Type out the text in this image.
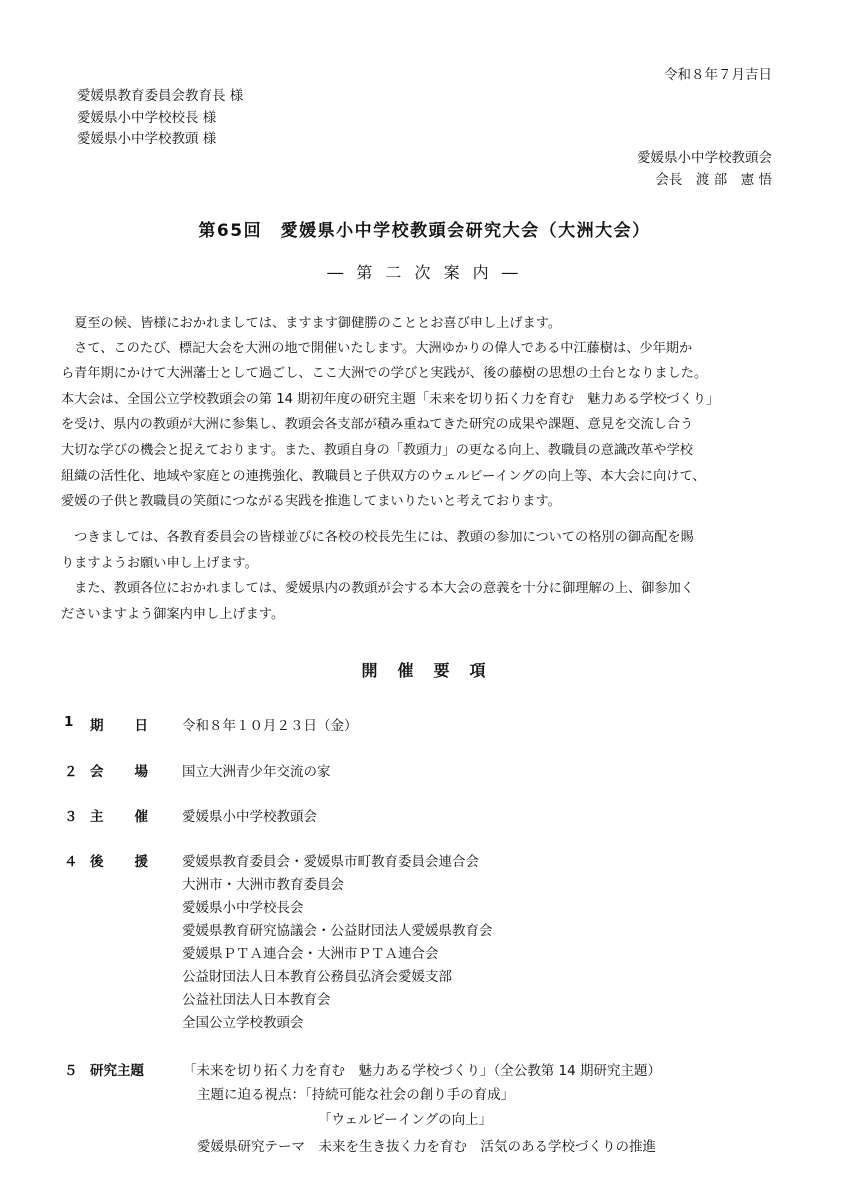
令和８年７月吉日
愛媛県教育委員会教育長 様
愛媛県小中学校校長 様
愛媛県小中学校教頭 様
愛媛県小中学校教頭会
会長　渡 部　憲 悟
第65回　愛媛県小中学校教頭会研究大会（大洲大会）
― 第 二 次 案 内 ―
　夏至の候、皆様におかれましては、ますます御健勝のこととお喜び申し上げます。
　さて、このたび、標記大会を大洲の地で開催いたします。大洲ゆかりの偉人である中江藤樹は、少年期か
ら青年期にかけて大洲藩士として過ごし、ここ大洲での学びと実践が、後の藤樹の思想の土台となりました。
本大会は、全国公立学校教頭会の第 14 期初年度の研究主題「未来を切り拓く力を育む　魅力ある学校づくり」
を受け、県内の教頭が大洲に参集し、教頭会各支部が積み重ねてきた研究の成果や課題、意見を交流し合う
大切な学びの機会と捉えております。また、教頭自身の「教頭力」の更なる向上、教職員の意識改革や学校
組織の活性化、地域や家庭との連携強化、教職員と子供双方のウェルビーイングの向上等、本大会に向けて、
愛媛の子供と教職員の笑顔につながる実践を推進してまいりたいと考えております。
　つきましては、各教育委員会の皆様並びに各校の校長先生には、教頭の参加についての格別の御高配を賜
りますようお願い申し上げます。
　また、教頭各位におかれましては、愛媛県内の教頭が会する本大会の意義を十分に御理解の上、御参加く
ださいますよう御案内申し上げます。
開　催　要　項
1 期 日	令和８年１０月２３日（金）
２ 会 場	国立大洲青少年交流の家
３ 主 催	愛媛県小中学校教頭会
４ 後 援	愛媛県教育委員会・愛媛県市町教育委員会連合会
大洲市・大洲市教育委員会
愛媛県小中学校長会
愛媛県教育研究協議会・公益財団法人愛媛県教育会
愛媛県ＰＴＡ連合会・大洲市ＰＴＡ連合会
公益財団法人日本教育公務員弘済会愛媛支部
公益社団法人日本教育会
全国公立学校教頭会
５ 研究主題	「未来を切り拓く力を育む　魅力ある学校づくり」（全公教第 14 期研究主題）
主題に迫る視点：「持続可能な社会の創り手の育成」
「ウェルビーイングの向上」
愛媛県研究テーマ　未来を生き抜く力を育む　活気のある学校づくりの推進
